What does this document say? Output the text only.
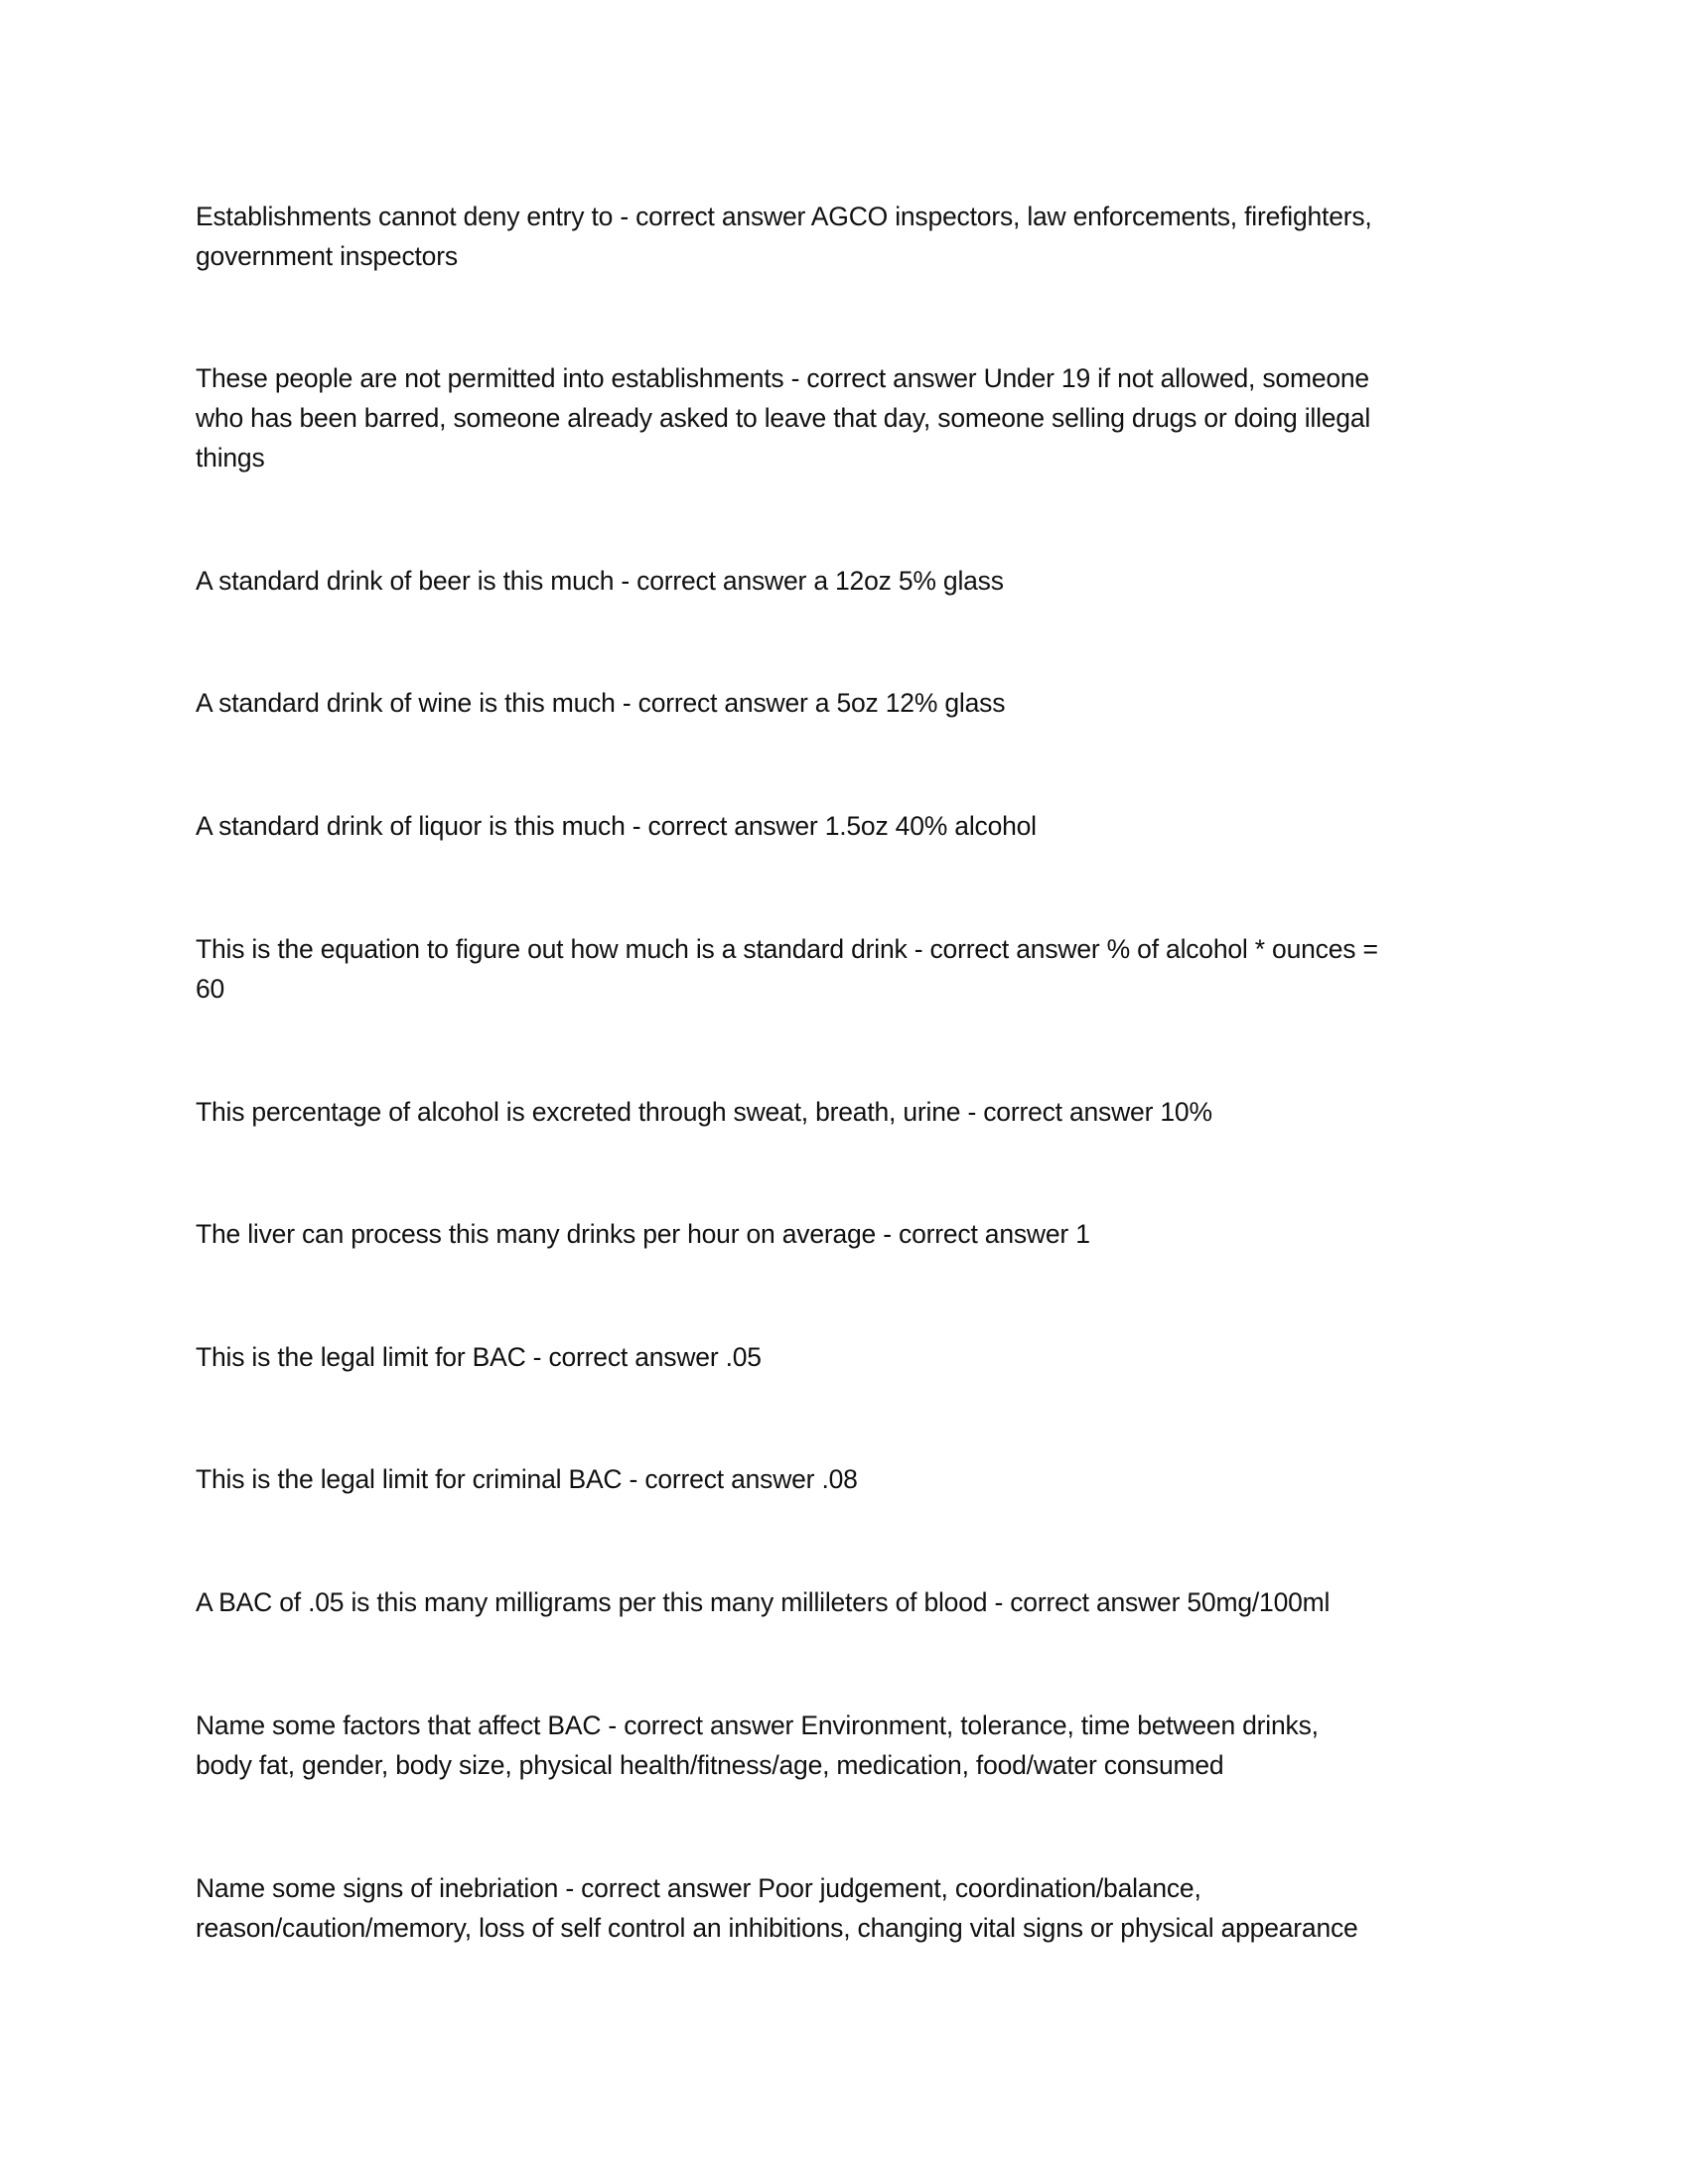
Establishments cannot deny entry to - correct answer AGCO inspectors, law enforcements, firefighters,
government inspectors
These people are not permitted into establishments - correct answer Under 19 if not allowed, someone
who has been barred, someone already asked to leave that day, someone selling drugs or doing illegal
things
A standard drink of beer is this much - correct answer a 12oz 5% glass
A standard drink of wine is this much - correct answer a 5oz 12% glass
A standard drink of liquor is this much - correct answer 1.5oz 40% alcohol
This is the equation to figure out how much is a standard drink - correct answer % of alcohol * ounces =
60
This percentage of alcohol is excreted through sweat, breath, urine - correct answer 10%
The liver can process this many drinks per hour on average - correct answer 1
This is the legal limit for BAC - correct answer .05
This is the legal limit for criminal BAC - correct answer .08
A BAC of .05 is this many milligrams per this many millileters of blood - correct answer 50mg/100ml
Name some factors that affect BAC - correct answer Environment, tolerance, time between drinks,
body fat, gender, body size, physical health/fitness/age, medication, food/water consumed
Name some signs of inebriation - correct answer Poor judgement, coordination/balance,
reason/caution/memory, loss of self control an inhibitions, changing vital signs or physical appearance
